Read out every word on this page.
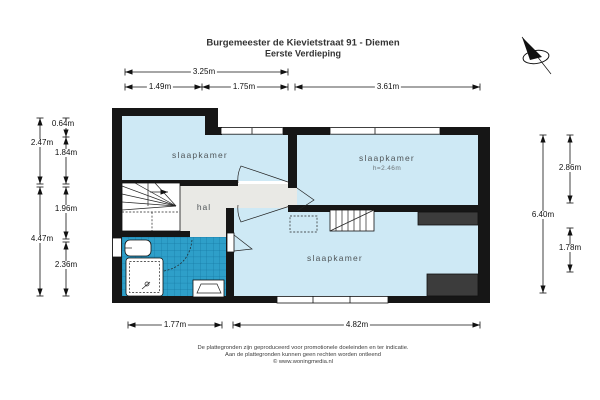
Burgemeester de Kievietstraat 91 - Diemen
Eerste Verdieping
3.25m
1.49m	1.75m	3.61m
2.47m
4.47m
0.64m
1.84m
1.96m
2.36m
6.40m
2.86m
1.78m
1.77m	4.82m
slaapkamer	slaapkamer
h=2.46m
slaapkamer
hal
De plattegronden zijn geproduceerd voor promotionele doeleinden en ter indicatie.
Aan de plattegronden kunnen geen rechten worden ontleend
© www.woningmedia.nl
